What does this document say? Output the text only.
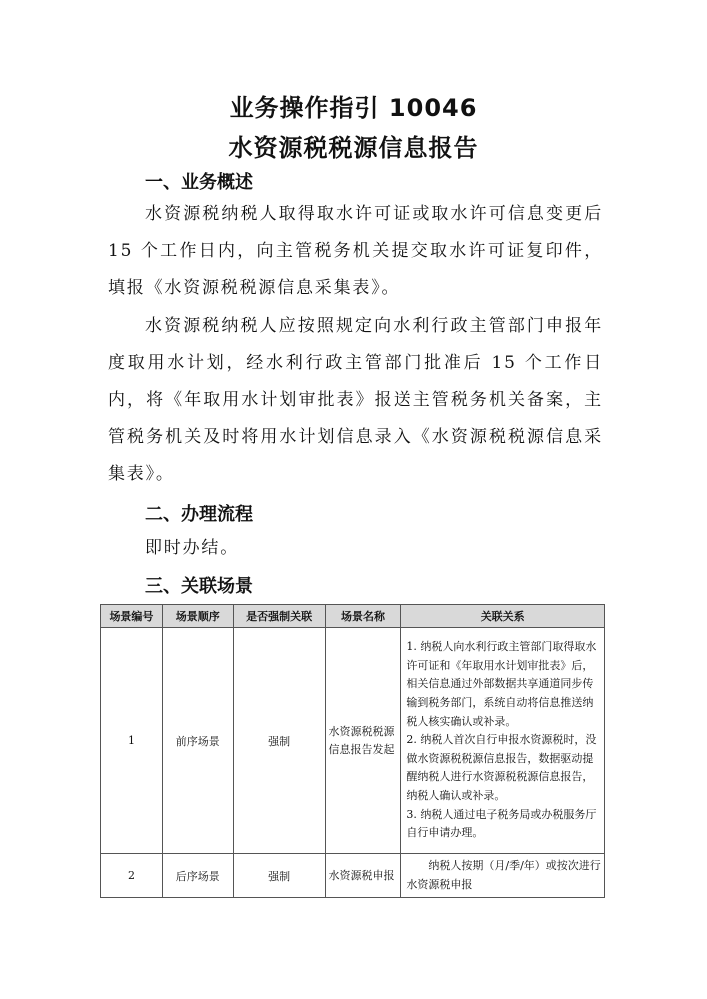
业务操作指引 10046
水资源税税源信息报告
一、业务概述

水资源税纳税人取得取水许可证或取水许可信息变更后 15 个工作日内，向主管税务机关提交取水许可证复印件，填报《水资源税税源信息采集表》。

水资源税纳税人应按照规定向水利行政主管部门申报年度取用水计划，经水利行政主管部门批准后 15 个工作日内，将《年取用水计划审批表》报送主管税务机关备案，主管税务机关及时将用水计划信息录入《水资源税税源信息采集表》。

二、办理流程

即时办结。

三、关联场景
场景编号	场景顺序	是否强制关联	场景名称	关联关系
1	前序场景	强制	水资源税税源信息报告发起	1. 纳税人向水利行政主管部门取得取水许可证和《年取用水计划审批表》后，相关信息通过外部数据共享通道同步传输到税务部门，系统自动将信息推送纳税人核实确认或补录。

2. 纳税人首次自行申报水资源税时，没做水资源税税源信息报告，数据驱动提醒纳税人进行水资源税税源信息报告，纳税人确认或补录。

3. 纳税人通过电子税务局或办税服务厅自行申请办理。

2	后序场景	强制	水资源税申报	纳税人按期（月/季/年）或按次进行水资源税申报
